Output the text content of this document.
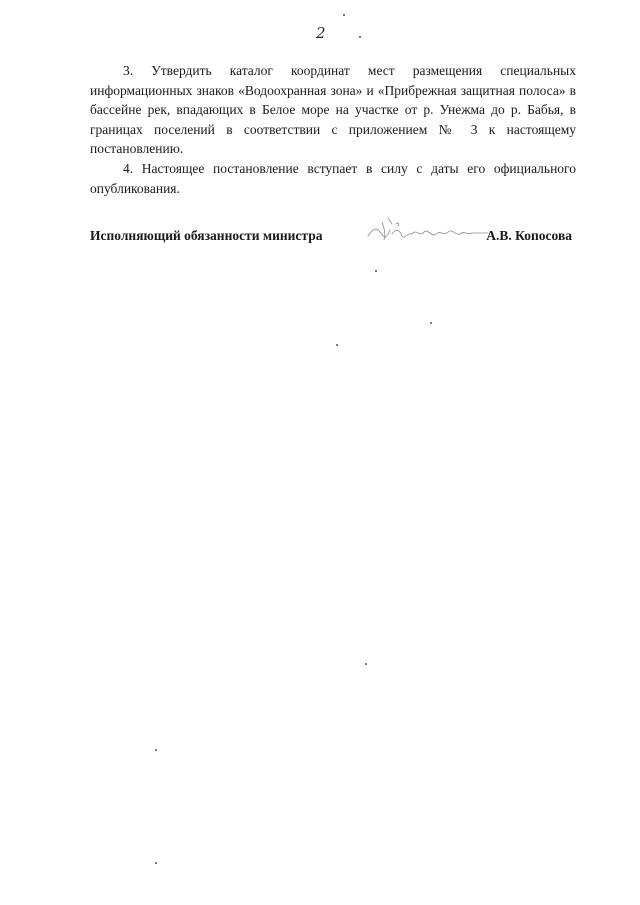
2

3. Утвердить каталог координат мест размещения специальных информационных знаков «Водоохранная зона» и «Прибрежная защитная полоса» в бассейне рек, впадающих в Белое море на участке от р. Унежма до р. Бабья, в границах поселений в соответствии с приложением № 3 к настоящему постановлению.

4. Настоящее постановление вступает в силу с даты его официального опубликования.

Исполняющий обязанности министра	А.В. Копосова
